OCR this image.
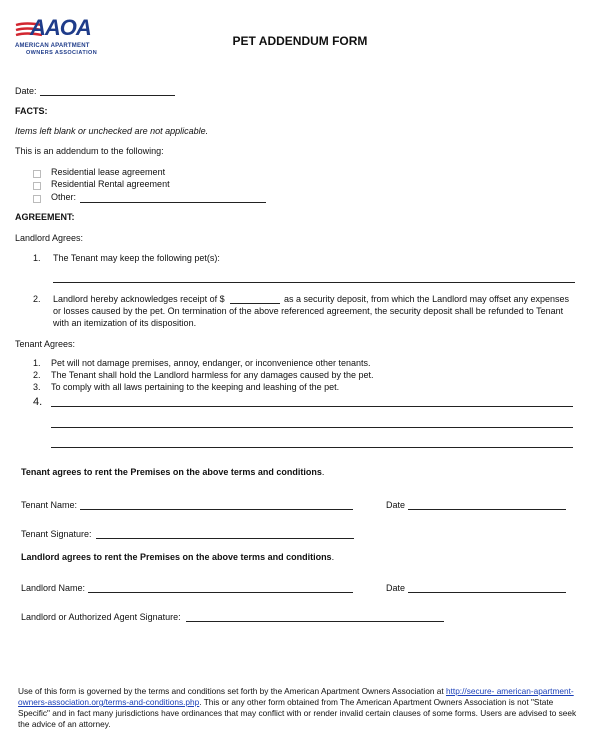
AAOA
AMERICAN APARTMENT
OWNERS ASSOCIATION
PET ADDENDUM FORM
Date:
FACTS:
Items left blank or unchecked are not applicable.
This is an addendum to the following:
Residential lease agreement
Residential Rental agreement
Other:
AGREEMENT:
Landlord Agrees:
1. The Tenant may keep the following pet(s):
2. Landlord hereby acknowledges receipt of $	as a security deposit, from which the Landlord may offset any expenses
or losses caused by the pet. On termination of the above referenced agreement, the security deposit shall be refunded to Tenant
with an itemization of its disposition.
Tenant Agrees:
1. Pet will not damage premises, annoy, endanger, or inconvenience other tenants.
2. The Tenant shall hold the Landlord harmless for any damages caused by the pet.
3. To comply with all laws pertaining to the keeping and leashing of the pet.
4.
Tenant agrees to rent the Premises on the above terms and conditions.
Tenant Name:	Date
Tenant Signature:
Landlord agrees to rent the Premises on the above terms and conditions.
Landlord Name:	Date
Landlord or Authorized Agent Signature:
Use of this form is governed by the terms and conditions set forth by the American Apartment Owners Association at http://secure- american-apartment-owners-association.org/terms-and-conditions.php. This or any other form obtained from The American Apartment Owners Association is not "State Specific" and in fact many jurisdictions have ordinances that may conflict with or render invalid certain clauses of some forms. Users are advised to seek the advice of an attorney.
